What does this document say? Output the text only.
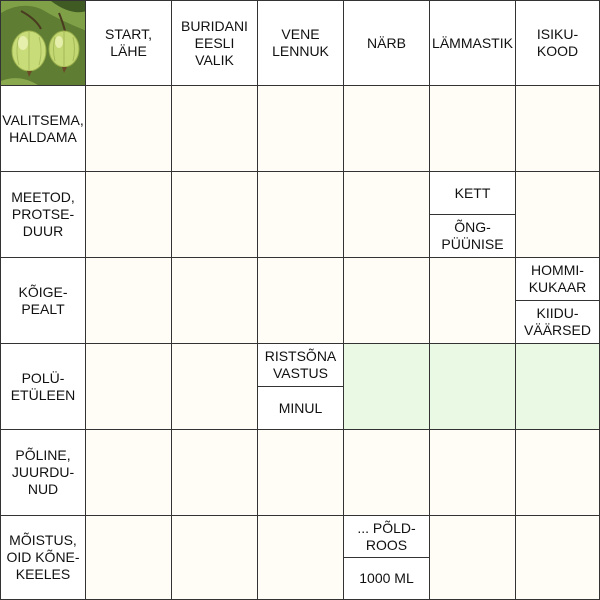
START,
LÄHE
BURIDANI
EESLI
VALIK
VENE
LENNUK
NÄRB	LÄMMASTIK
ISIKU-
KOOD
VALITSEMA,
HALDAMA
MEETOD,
PROTSE-
DUUR
KETT
ÕNG-
PÜÜNISE
KÕIGE-
PEALT
HOMMI-
KUKAAR
KIIDU-
VÄÄRSED
POLÜ-
ETÜLEEN
RISTSÕNA
VASTUS
MINUL
PÕLINE,
JUURDU-
NUD
MÕISTUS,
OID KÕNE-
KEELES
... PÕLD-
ROOS
1000 ML
